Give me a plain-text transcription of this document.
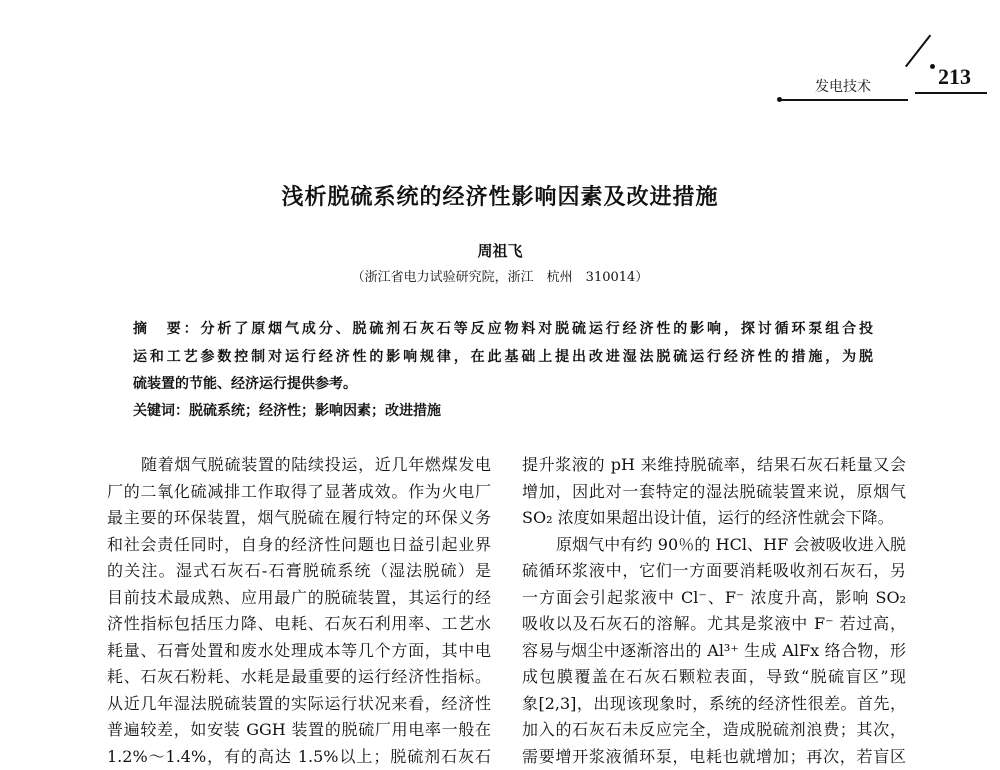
发电技术	213
浅析脱硫系统的经济性影响因素及改进措施
周祖飞
（浙江省电力试验研究院，浙江　杭州　310014）
摘　要：分析了原烟气成分、脱硫剂石灰石等反应物料对脱硫运行经济性的影响，探讨循环泵组合投
运和工艺参数控制对运行经济性的影响规律，在此基础上提出改进湿法脱硫运行经济性的措施，为脱
硫装置的节能、经济运行提供参考。
关键词：脱硫系统；经济性；影响因素；改进措施
随着烟气脱硫装置的陆续投运，近几年燃煤发电
厂的二氧化硫减排工作取得了显著成效。作为火电厂
最主要的环保装置，烟气脱硫在履行特定的环保义务
和社会责任同时，自身的经济性问题也日益引起业界
的关注。湿式石灰石-石膏脱硫系统（湿法脱硫）是
目前技术最成熟、应用最广的脱硫装置，其运行的经
济性指标包括压力降、电耗、石灰石利用率、工艺水
耗量、石膏处置和废水处理成本等几个方面，其中电
耗、石灰石粉耗、水耗是最重要的运行经济性指标。
从近几年湿法脱硫装置的实际运行状况来看，经济性
普遍较差，如安装 GGH 装置的脱硫厂用电率一般在
1.2%～1.4%，有的高达 1.5%以上；脱硫剂石灰石
提升浆液的 pH 来维持脱硫率，结果石灰石耗量又会
增加，因此对一套特定的湿法脱硫装置来说，原烟气
SO₂ 浓度如果超出设计值，运行的经济性就会下降。
原烟气中有约 90％的 HCl、HF 会被吸收进入脱
硫循环浆液中，它们一方面要消耗吸收剂石灰石，另
一方面会引起浆液中 Cl⁻、F⁻ 浓度升高，影响 SO₂
吸收以及石灰石的溶解。尤其是浆液中 F⁻ 若过高，
容易与烟尘中逐渐溶出的 Al³⁺ 生成 AlFx 络合物，形
成包膜覆盖在石灰石颗粒表面，导致“脱硫盲区”现
象[2,3]，出现该现象时，系统的经济性很差。首先，
加入的石灰石未反应完全，造成脱硫剂浪费；其次，
需要增开浆液循环泵，电耗也就增加；再次，若盲区
